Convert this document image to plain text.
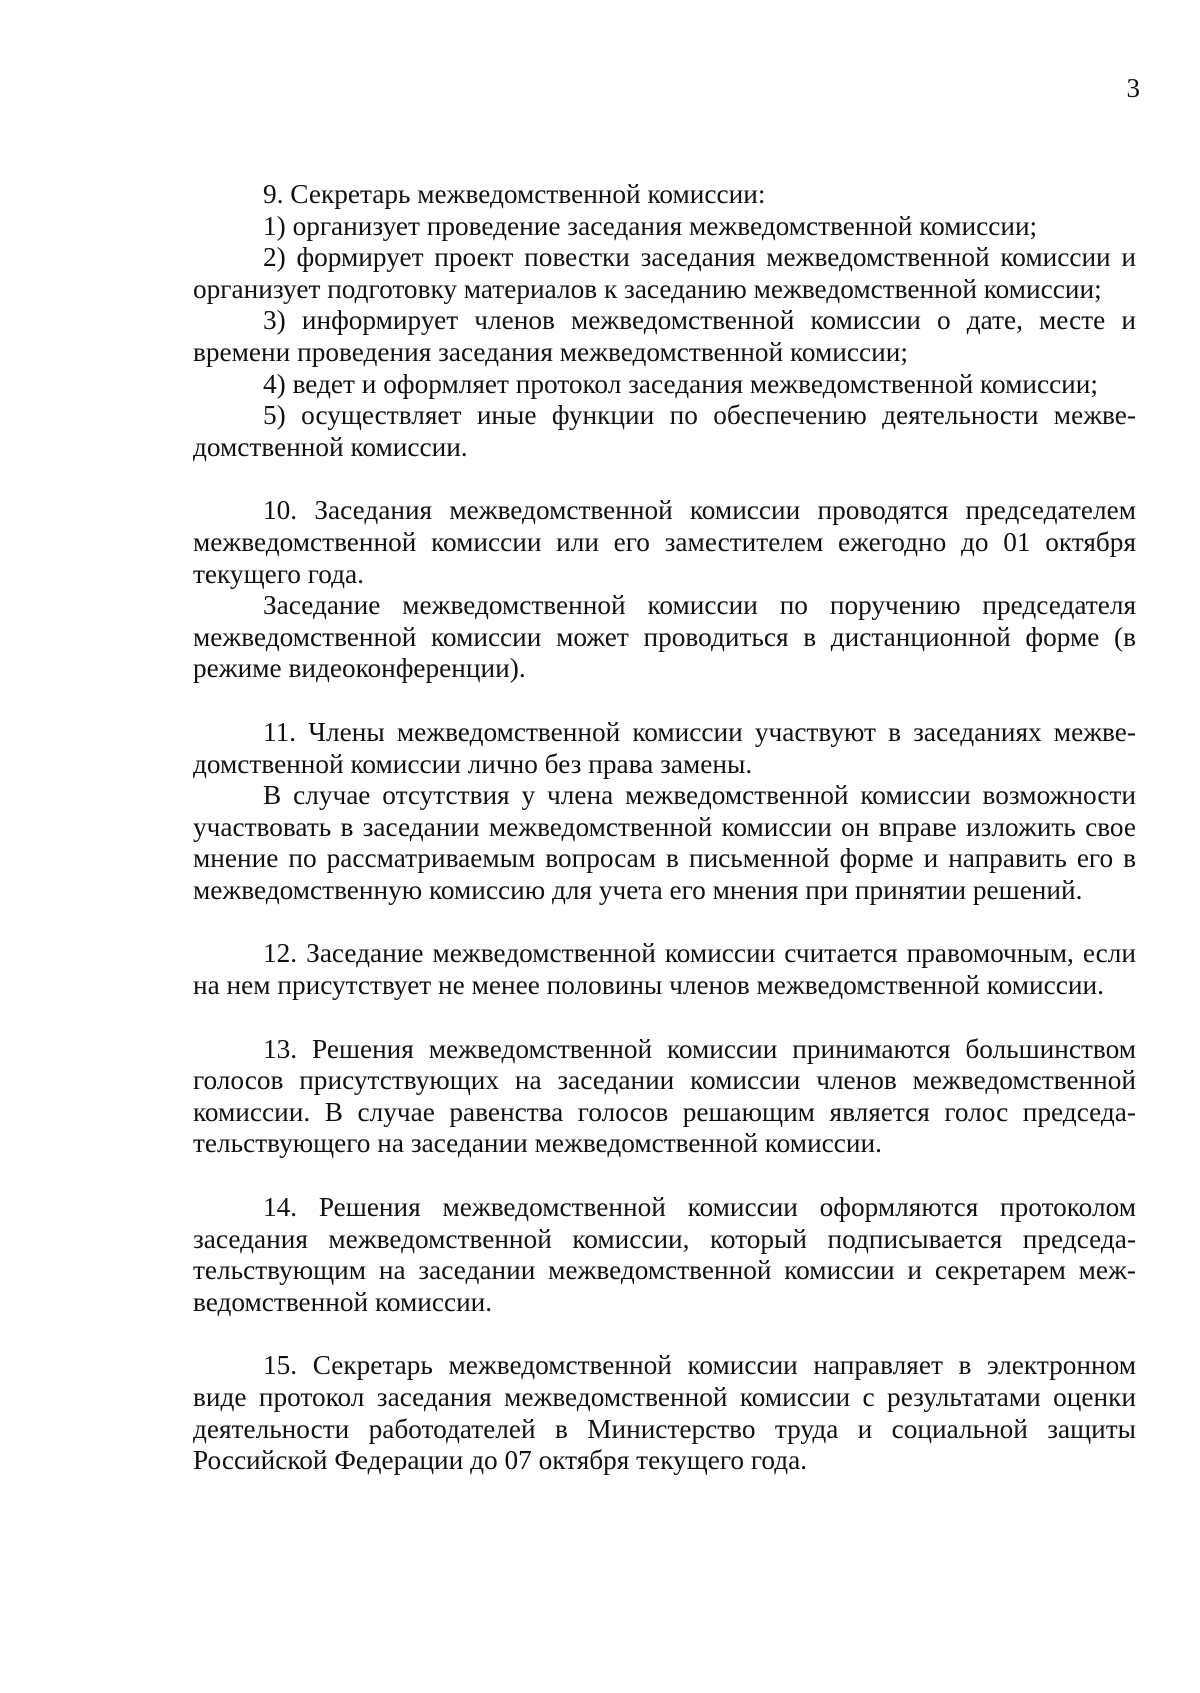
3

9. Секретарь межведомственной комиссии:

1) организует проведение заседания межведомственной комиссии;

2) формирует проект повестки заседания межведомственной комиссии и организует подготовку материалов к заседанию межведомственной комиссии;

3) информирует членов межведомственной комиссии о дате, месте и времени проведения заседания межведомственной комиссии;

4) ведет и оформляет протокол заседания межведомственной комиссии;

5) осуществляет иные функции по обеспечению деятельности межведомственной комиссии.

10. Заседания межведомственной комиссии проводятся председателем межведомственной комиссии или его заместителем ежегодно до 01 октября текущего года.

Заседание межведомственной комиссии по поручению председателя межведомственной комиссии может проводиться в дистанционной форме (в режиме видеоконференции).

11. Члены межведомственной комиссии участвуют в заседаниях межведомственной комиссии лично без права замены.

В случае отсутствия у члена межведомственной комиссии возможности участвовать в заседании межведомственной комиссии он вправе изложить свое мнение по рассматриваемым вопросам в письменной форме и направить его в межведомственную комиссию для учета его мнения при принятии решений.

12. Заседание межведомственной комиссии считается правомочным, если на нем присутствует не менее половины членов межведомственной комиссии.

13. Решения межведомственной комиссии принимаются большинством голосов присутствующих на заседании комиссии членов межведомственной комиссии. В случае равенства голосов решающим является голос председательствующего на заседании межведомственной комиссии.

14. Решения межведомственной комиссии оформляются протоколом заседания межведомственной комиссии, который подписывается председательствующим на заседании межведомственной комиссии и секретарем межведомственной комиссии.

15. Секретарь межведомственной комиссии направляет в электронном виде протокол заседания межведомственной комиссии с результатами оценки деятельности работодателей в Министерство труда и социальной защиты Российской Федерации до 07 октября текущего года.
